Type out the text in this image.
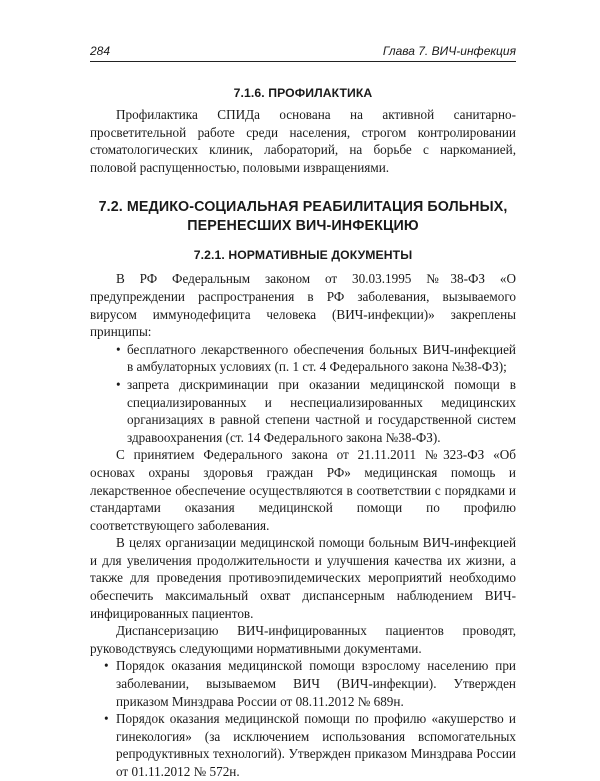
284	Глава 7. ВИЧ-инфекция
7.1.6. ПРОФИЛАКТИКА

Профилактика СПИДа основана на активной санитарно-просветительной работе среди населения, строгом контролировании стоматологических клиник, лабораторий, на борьбе с наркоманией, половой распущенностью, половыми извращениями.

7.2. МЕДИКО-СОЦИАЛЬНАЯ РЕАБИЛИТАЦИЯ БОЛЬНЫХ, ПЕРЕНЕСШИХ ВИЧ-ИНФЕКЦИЮ
7.2.1. НОРМАТИВНЫЕ ДОКУМЕНТЫ

В РФ Федеральным законом от 30.03.1995 №38-ФЗ «О предупреждении распространения в РФ заболевания, вызываемого вирусом иммунодефицита человека (ВИЧ-инфекции)» закреплены принципы:

• бесплатного лекарственного обеспечения больных ВИЧ-инфекцией в амбулаторных условиях (п. 1 ст. 4 Федерального закона №38-ФЗ);
• запрета дискриминации при оказании медицинской помощи в специализированных и неспециализированных медицинских организациях в равной степени частной и государственной систем здравоохранения (ст. 14 Федерального закона №38-ФЗ).

С принятием Федерального закона от 21.11.2011 №323-ФЗ «Об основах охраны здоровья граждан РФ» медицинская помощь и лекарственное обеспечение осуществляются в соответствии с порядками и стандартами оказания медицинской помощи по профилю соответствующего заболевания.

В целях организации медицинской помощи больным ВИЧ-инфекцией и для увеличения продолжительности и улучшения качества их жизни, а также для проведения противоэпидемических мероприятий необходимо обеспечить максимальный охват диспансерным наблюдением ВИЧ-инфицированных пациентов.

Диспансеризацию ВИЧ-инфицированных пациентов проводят, руководствуясь следующими нормативными документами.

• Порядок оказания медицинской помощи взрослому населению при заболевании, вызываемом ВИЧ (ВИЧ-инфекции). Утвержден приказом Минздрава России от 08.11.2012 № 689н.
• Порядок оказания медицинской помощи по профилю «акушерство и гинекология» (за исключением использования вспомогательных репродуктивных технологий). Утвержден приказом Минздрава России от 01.11.2012 № 572н.
